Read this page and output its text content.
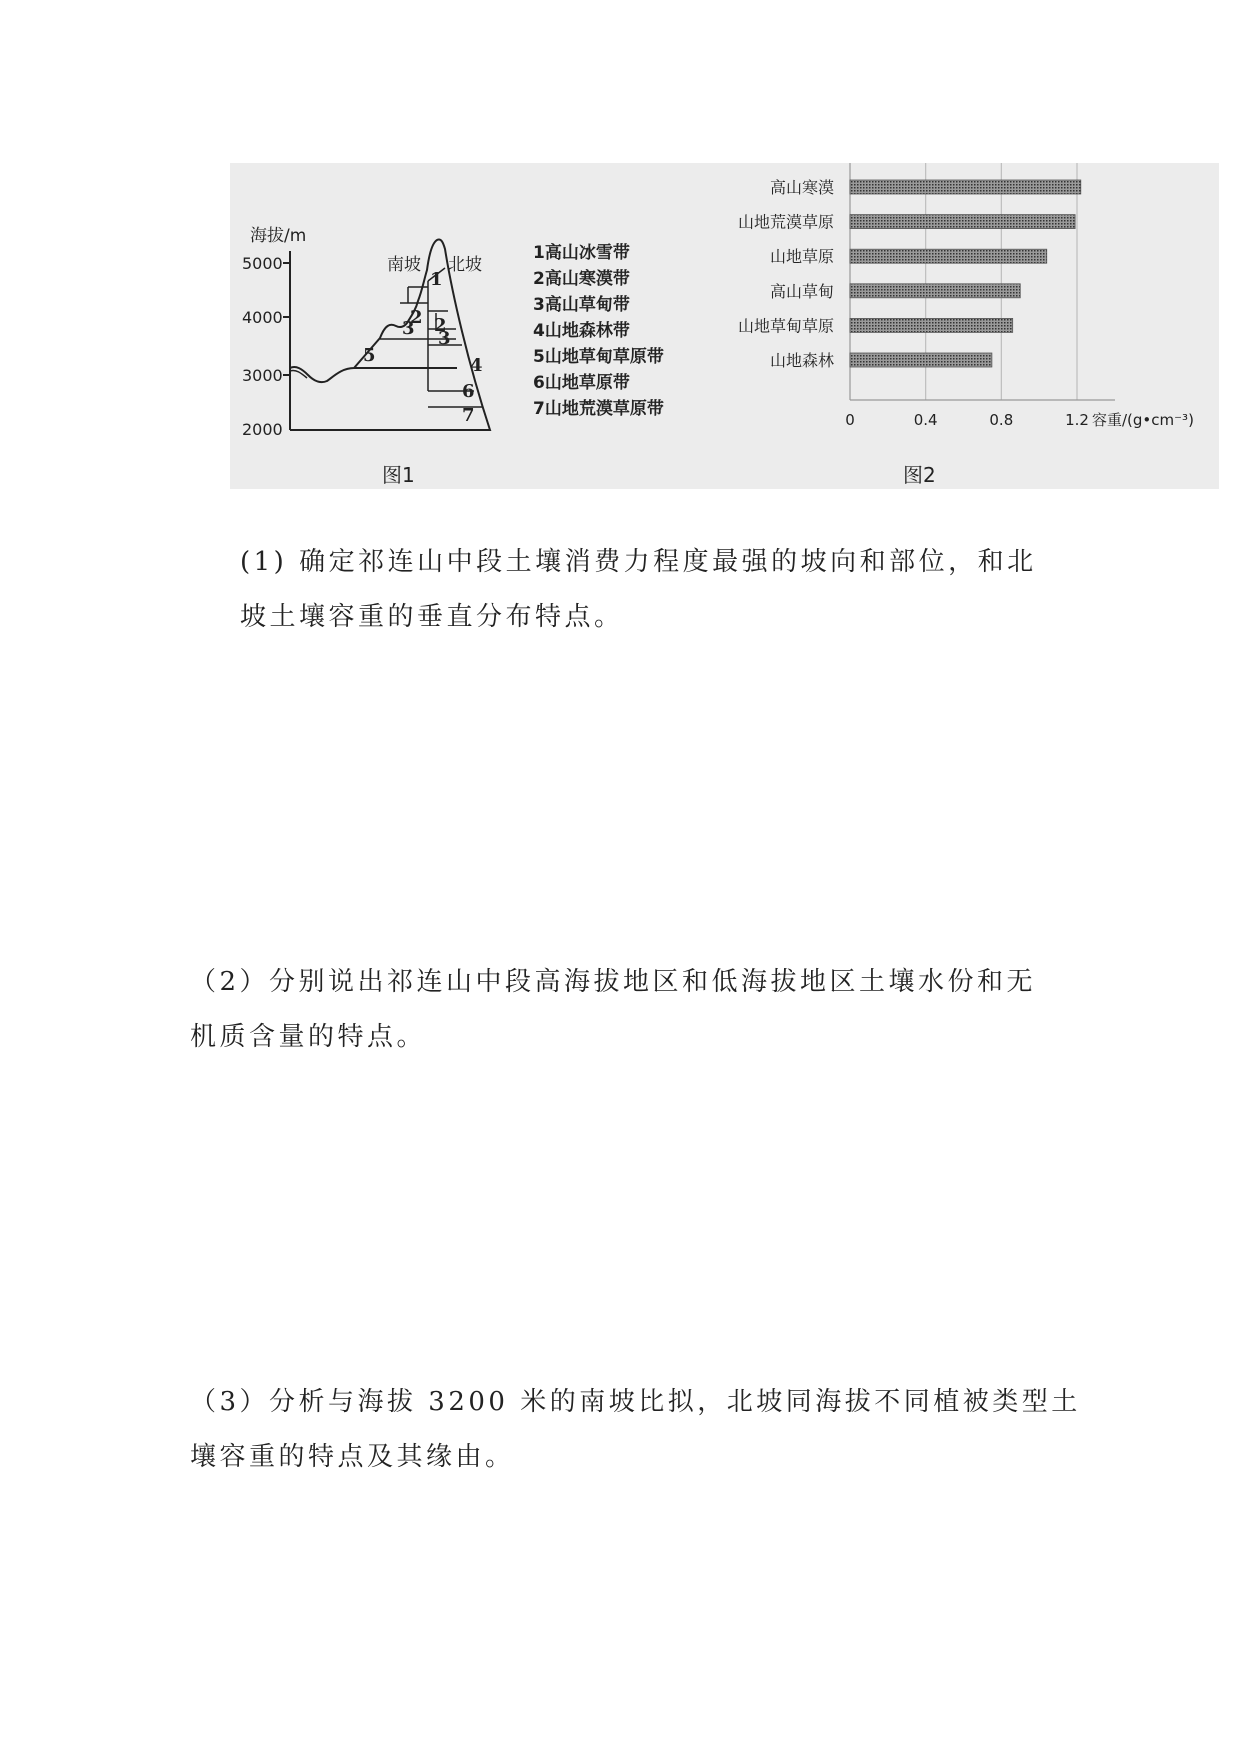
海拔/m
5000
4000
3000
2000
南坡 北坡
1
2 2
3 3
4
5
6
7
1高山冰雪带
2高山寒漠带
3高山草甸带
4山地森林带
5山地草甸草原带
6山地草原带
7山地荒漠草原带
高山寒漠
山地荒漠草原
山地草原
高山草甸
山地草甸草原
山地森林
0	0.4	0.8	1.2 容重/(g•cm⁻³)
图1	图2
(1) 确定祁连山中段土壤消费力程度最强的坡向和部位，和北
坡土壤容重的垂直分布特点。
（2）分别说出祁连山中段高海拔地区和低海拔地区土壤水份和无
机质含量的特点。
（3）分析与海拔 3200 米的南坡比拟，北坡同海拔不同植被类型土
壤容重的特点及其缘由。
